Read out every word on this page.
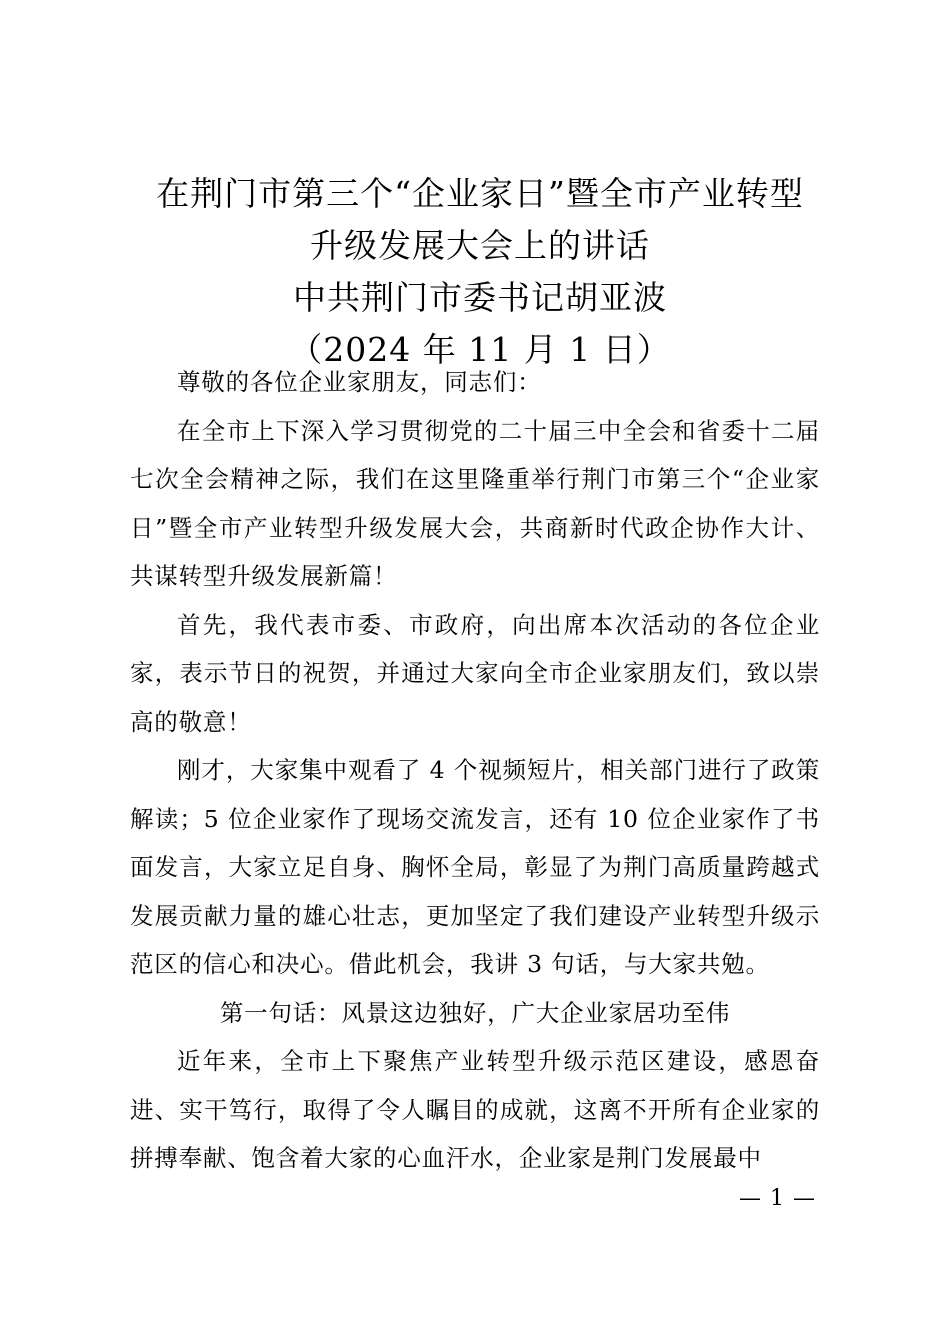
在荆门市第三个“企业家日”暨全市产业转型
升级发展大会上的讲话
中共荆门市委书记胡亚波
（2024 年 11 月 1 日）

尊敬的各位企业家朋友，同志们：

在全市上下深入学习贯彻党的二十届三中全会和省委十二届七次全会精神之际，我们在这里隆重举行荆门市第三个“企业家日”暨全市产业转型升级发展大会，共商新时代政企协作大计、共谋转型升级发展新篇！

首先，我代表市委、市政府，向出席本次活动的各位企业家，表示节日的祝贺，并通过大家向全市企业家朋友们，致以崇高的敬意！

刚才，大家集中观看了 4 个视频短片，相关部门进行了政策解读；5 位企业家作了现场交流发言，还有 10 位企业家作了书面发言，大家立足自身、胸怀全局，彰显了为荆门高质量跨越式发展贡献力量的雄心壮志，更加坚定了我们建设产业转型升级示范区的信心和决心。借此机会，我讲 3 句话，与大家共勉。

第一句话：风景这边独好，广大企业家居功至伟

近年来，全市上下聚焦产业转型升级示范区建设，感恩奋进、实干笃行，取得了令人瞩目的成就，这离不开所有企业家的拼搏奉献、饱含着大家的心血汗水，企业家是荆门发展最中

— 1 —
